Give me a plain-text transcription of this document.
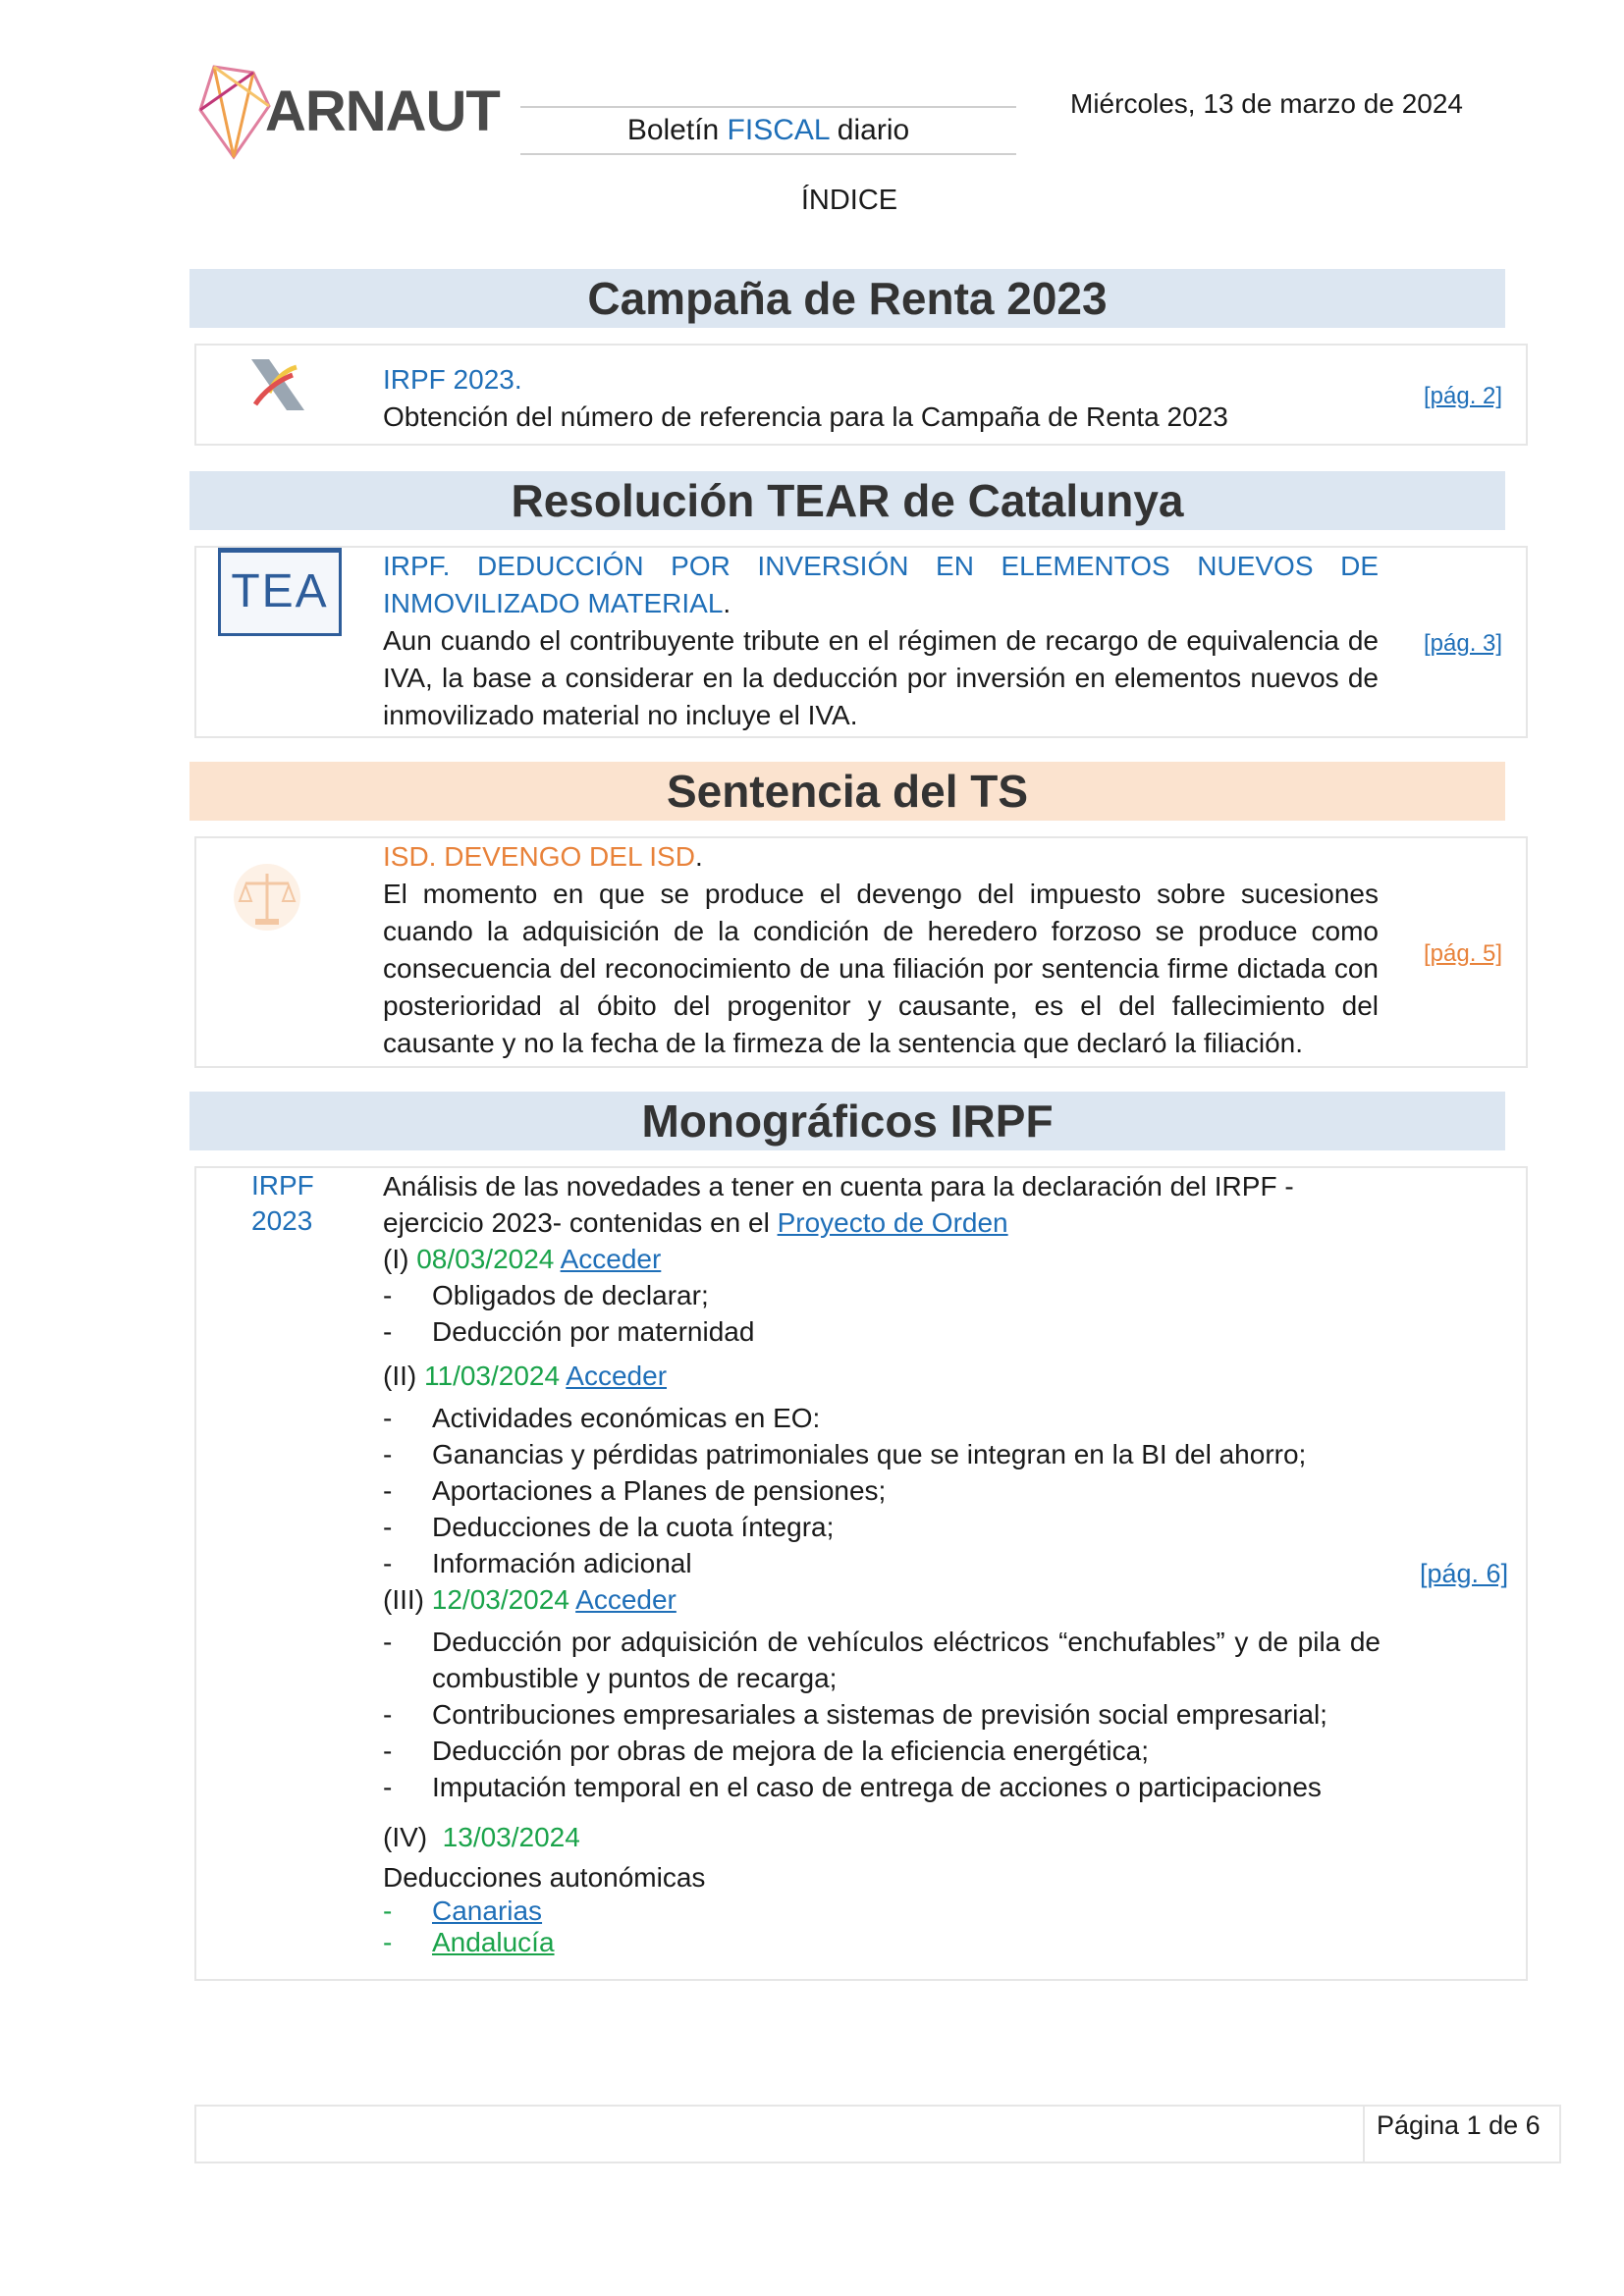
ARNAUT	Boletín FISCAL diario
Miércoles, 13 de marzo de 2024
ÍNDICE
Campaña de Renta 2023
IRPF 2023.
Obtención del número de referencia para la Campaña de Renta 2023
[pág. 2]
Resolución TEAR de Catalunya
TEA	IRPF. DEDUCCIÓN POR INVERSIÓN EN ELEMENTOS NUEVOS DE INMOVILIZADO MATERIAL.
Aun cuando el contribuyente tribute en el régimen de recargo de equivalencia de IVA, la base a considerar en la deducción por inversión en elementos nuevos de inmovilizado material no incluye el IVA.
[pág. 3]
Sentencia del TS
ISD. DEVENGO DEL ISD.
El momento en que se produce el devengo del impuesto sobre sucesiones cuando la adquisición de la condición de heredero forzoso se produce como consecuencia del reconocimiento de una filiación por sentencia firme dictada con posterioridad al óbito del progenitor y causante, es el del fallecimiento del causante y no la fecha de la firmeza de la sentencia que declaró la filiación.
[pág. 5]
Monográficos IRPF
IRPF
2023
Análisis de las novedades a tener en cuenta para la declaración del IRPF -ejercicio 2023- contenidas en el Proyecto de Orden
(I) 08/03/2024 Acceder
- Obligados de declarar;
- Deducción por maternidad
(II) 11/03/2024 Acceder
- Actividades económicas en EO:
- Ganancias y pérdidas patrimoniales que se integran en la BI del ahorro;
- Aportaciones a Planes de pensiones;
- Deducciones de la cuota íntegra;
- Información adicional
(III) 12/03/2024 Acceder
- Deducción por adquisición de vehículos eléctricos “enchufables” y de pila de combustible y puntos de recarga;
- Contribuciones empresariales a sistemas de previsión social empresarial;
- Deducción por obras de mejora de la eficiencia energética;
- Imputación temporal en el caso de entrega de acciones o participaciones
(IV)  13/03/2024
Deducciones autonómicas
- Canarias
- Andalucía
[pág. 6]
Página 1 de 6
